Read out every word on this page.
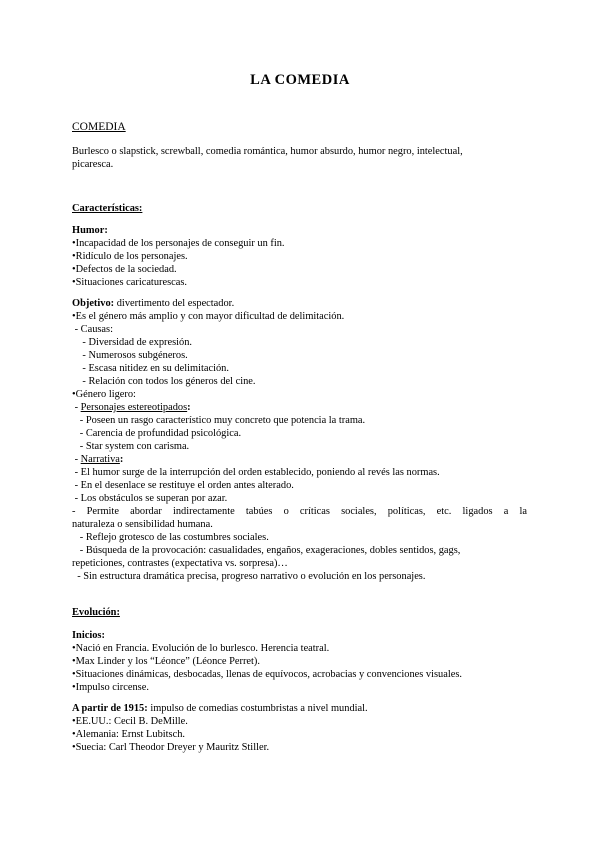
LA COMEDIA

COMEDIA

Burlesco o slapstick, screwball, comedia romántica, humor absurdo, humor negro, intelectual,

picaresca.

Características:

Humor:

•Incapacidad de los personajes de conseguir un fin.

•Ridículo de los personajes.

•Defectos de la sociedad.

•Situaciones caricaturescas.

Objetivo: divertimento del espectador.

•Es el género más amplio y con mayor dificultad de delimitación.

- Causas:

- Diversidad de expresión.

- Numerosos subgéneros.

- Escasa nitidez en su delimitación.

- Relación con todos los géneros del cine.

•Género ligero:

- Personajes estereotipados:

- Poseen un rasgo característico muy concreto que potencia la trama.

- Carencia de profundidad psicológica.

- Star system con carisma.

- Narrativa:

- El humor surge de la interrupción del orden establecido, poniendo al revés las normas.

- En el desenlace se restituye el orden antes alterado.

- Los obstáculos se superan por azar.

- Permite abordar indirectamente tabúes o críticas sociales, políticas, etc. ligados a la

naturaleza o sensibilidad humana.

- Reflejo grotesco de las costumbres sociales.

- Búsqueda de la provocación: casualidades, engaños, exageraciones, dobles sentidos, gags,

repeticiones, contrastes (expectativa vs. sorpresa)…

- Sin estructura dramática precisa, progreso narrativo o evolución en los personajes.

Evolución:

Inicios:

•Nació en Francia. Evolución de lo burlesco. Herencia teatral.

•Max Linder y los “Léonce” (Léonce Perret).

•Situaciones dinámicas, desbocadas, llenas de equívocos, acrobacias y convenciones visuales.

•Impulso circense.

A partir de 1915: impulso de comedias costumbristas a nivel mundial.

•EE.UU.: Cecil B. DeMille.

•Alemania: Ernst Lubitsch.

•Suecia: Carl Theodor Dreyer y Mauritz Stiller.
